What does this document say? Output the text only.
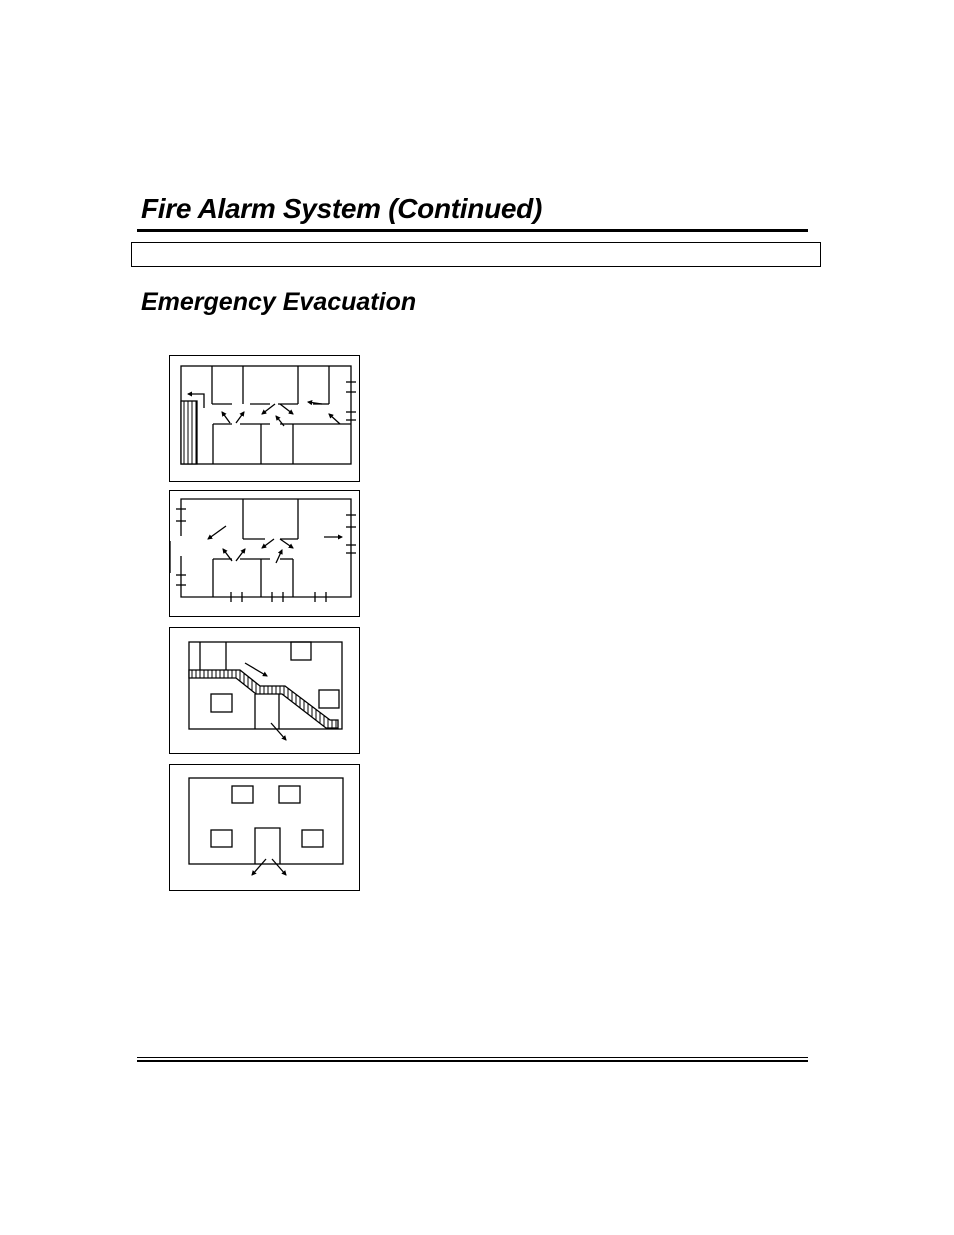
Fire Alarm System (Continued)
Emergency Evacuation
